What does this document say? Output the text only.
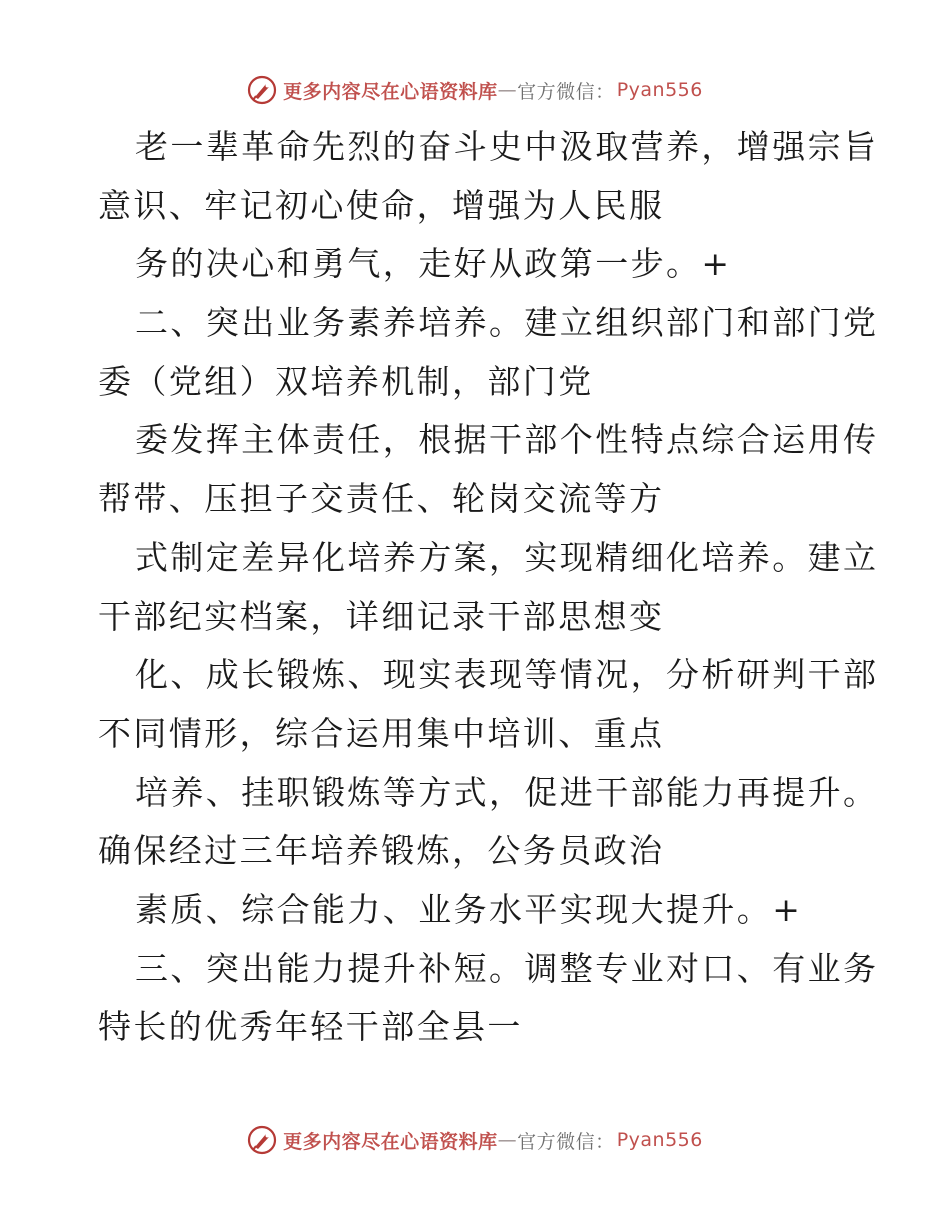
更多内容尽在心语资料库 — 官方微信： Pyan556
老一辈革命先烈的奋斗史中汲取营养，增强宗旨
意识、牢记初心使命，增强为人民服
务的决心和勇气，走好从政第一步。+
二、突出业务素养培养。建立组织部门和部门党
委（党组）双培养机制，部门党
委发挥主体责任，根据干部个性特点综合运用传
帮带、压担子交责任、轮岗交流等方
式制定差异化培养方案，实现精细化培养。建立
干部纪实档案，详细记录干部思想变
化、成长锻炼、现实表现等情况，分析研判干部
不同情形，综合运用集中培训、重点
培养、挂职锻炼等方式，促进干部能力再提升。
确保经过三年培养锻炼，公务员政治
素质、综合能力、业务水平实现大提升。+
三、突出能力提升补短。调整专业对口、有业务
特长的优秀年轻干部全县一
更多内容尽在心语资料库 — 官方微信： Pyan556
